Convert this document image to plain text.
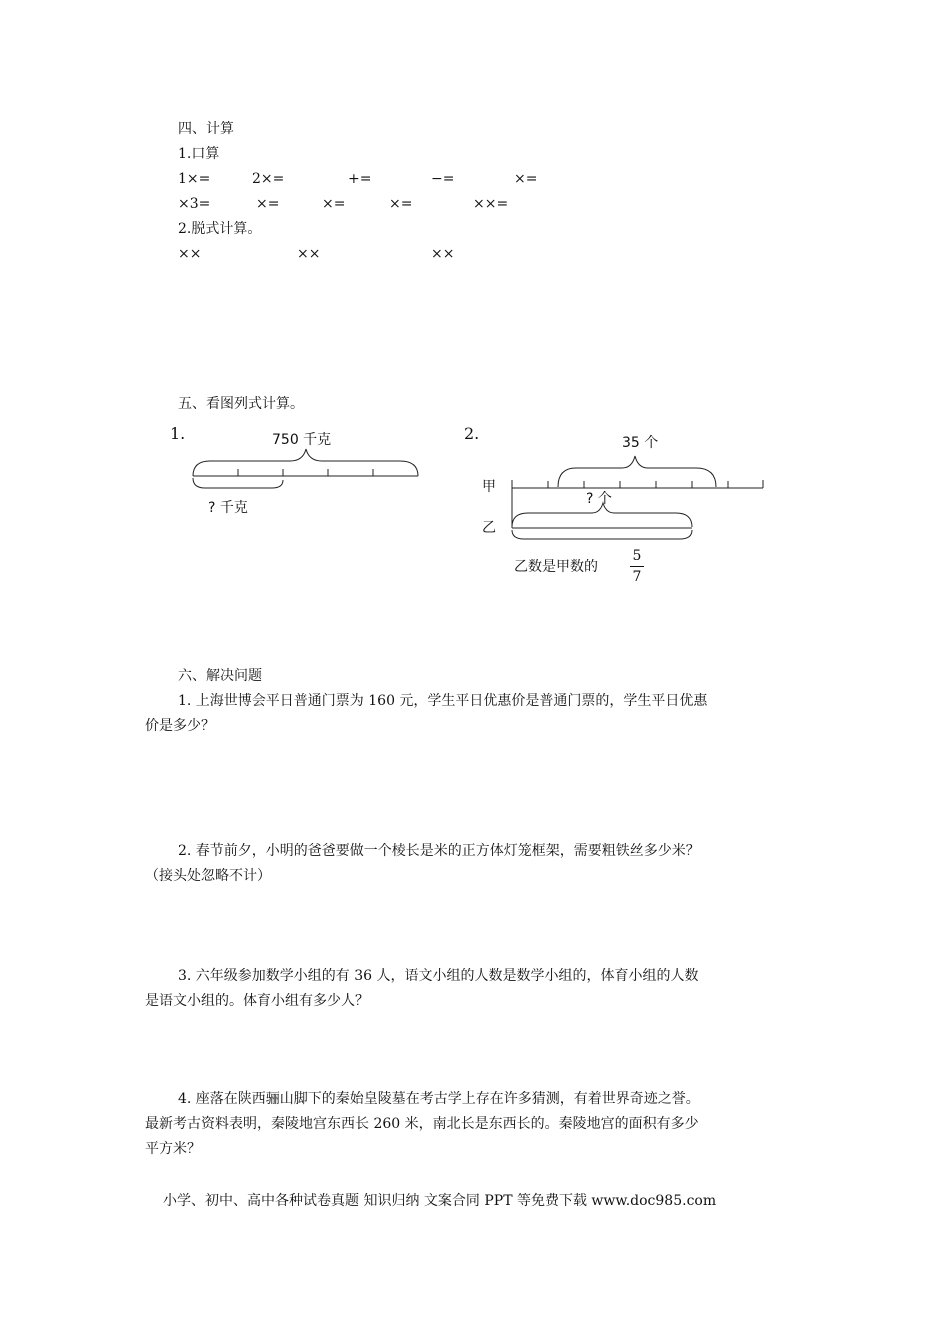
四、计算
1.口算
1×=	2×=	+=	−=	×=
×3=	×=	×=	×=	××=
2.脱式计算。
××	××	××
五、看图列式计算。
1.	750 千克
? 千克
2.	35 个
? 个
甲
乙
乙数是甲数的
5
7
六、解决问题
1. 上海世博会平日普通门票为 160 元，学生平日优惠价是普通门票的，学生平日优惠
价是多少？
2. 春节前夕，小明的爸爸要做一个棱长是米的正方体灯笼框架，需要粗铁丝多少米？
（接头处忽略不计）
3. 六年级参加数学小组的有 36 人，语文小组的人数是数学小组的，体育小组的人数
是语文小组的。体育小组有多少人？
4. 座落在陕西骊山脚下的秦始皇陵墓在考古学上存在许多猜测，有着世界奇迹之誉。
最新考古资料表明，秦陵地宫东西长 260 米，南北长是东西长的。秦陵地宫的面积有多少
平方米？
小学、初中、高中各种试卷真题 知识归纳 文案合同 PPT 等免费下载 www.doc985.com
